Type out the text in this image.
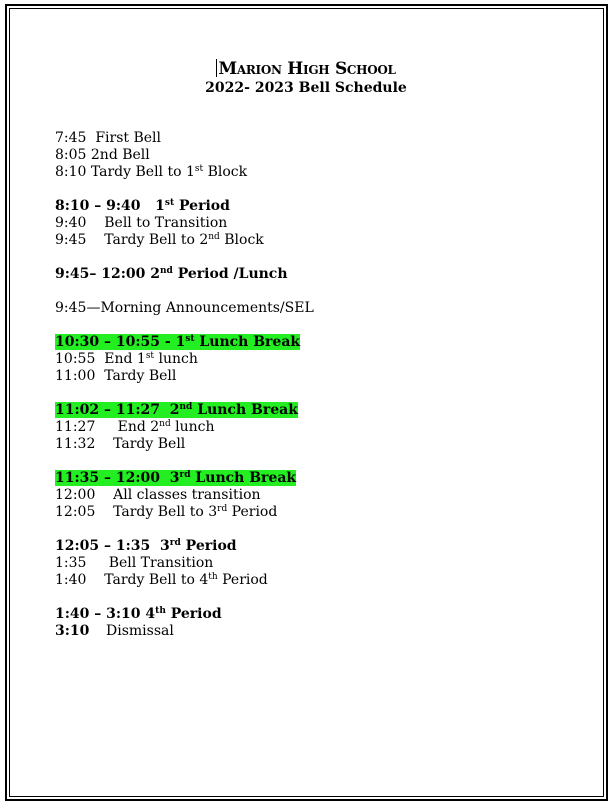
Marion High School
2022- 2023 Bell Schedule
7:45  First Bell
8:05 2nd Bell
8:10 Tardy Bell to 1st Block
8:10 – 9:40   1st Period
9:40    Bell to Transition
9:45    Tardy Bell to 2nd Block
9:45– 12:00 2nd Period /Lunch
9:45—Morning Announcements/SEL
10:30 – 10:55 - 1st Lunch Break
10:55  End 1st lunch
11:00  Tardy Bell
11:02 – 11:27  2nd Lunch Break
11:27     End 2nd lunch
11:32    Tardy Bell
11:35 – 12:00  3rd Lunch Break
12:00    All classes transition
12:05    Tardy Bell to 3rd Period
12:05 – 1:35  3rd Period
1:35     Bell Transition
1:40    Tardy Bell to 4th Period
1:40 – 3:10 4th Period
3:10 Dismissal
